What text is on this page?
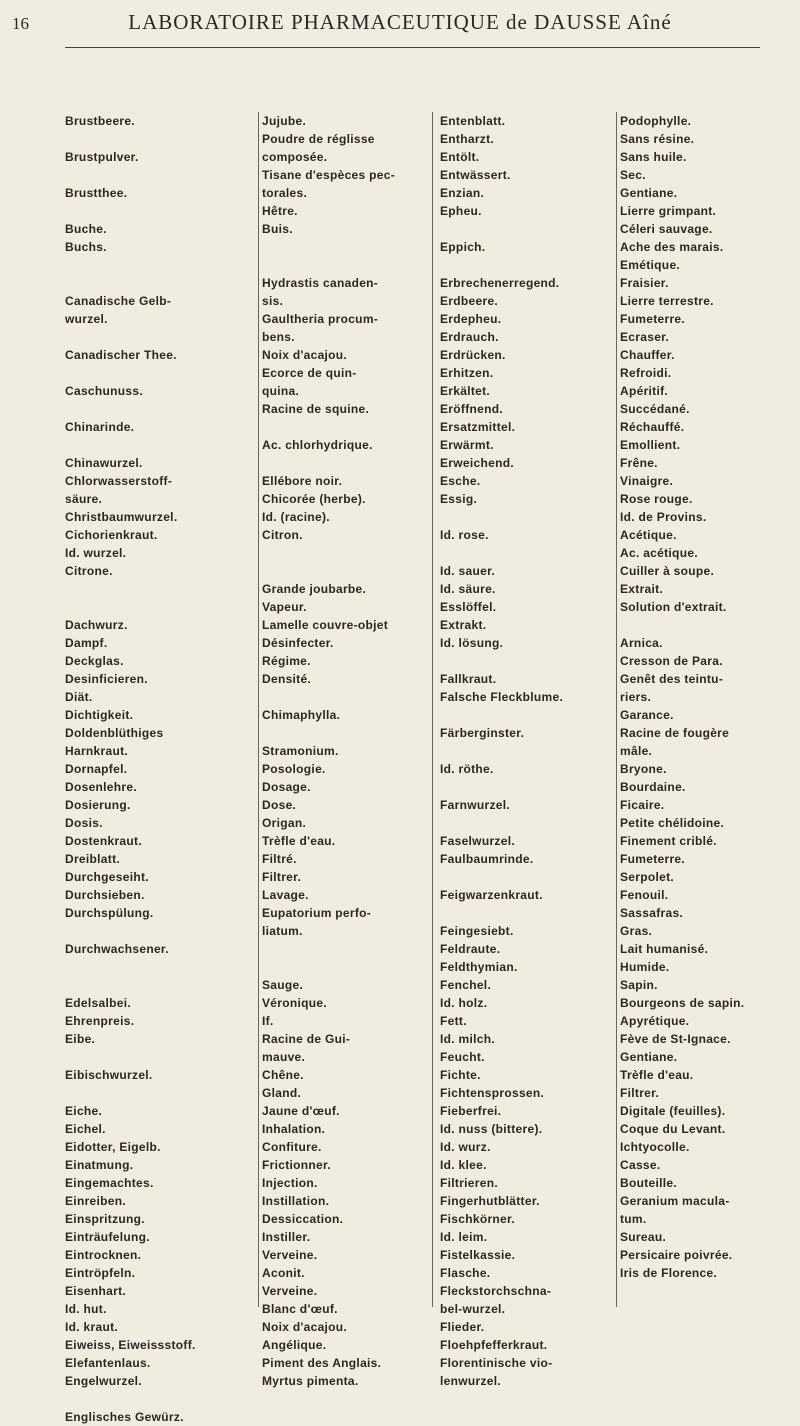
16	LABORATOIRE PHARMACEUTIQUE de DAUSSE Aîné
Brustbeere.

Brustpulver.

Brustthee.

Buche.
Buchs.

Canadische Gelb-
wurzel.

Canadischer Thee.

Caschunuss.

Chinarinde.

Chinawurzel.
Chlorwasserstoff-
säure.
Christbaumwurzel.
Cichorienkraut.
Id. wurzel.
Citrone.

Dachwurz.
Dampf.
Deckglas.
Desinficieren.
Diät.
Dichtigkeit.
Doldenblüthiges
Harnkraut.
Dornapfel.
Dosenlehre.
Dosierung.
Dosis.
Dostenkraut.
Dreiblatt.
Durchgeseiht.
Durchsieben.
Durchspülung.

Durchwachsener.

Edelsalbei.
Ehrenpreis.
Eibe.

Eibischwurzel.

Eiche.
Eichel.
Eidotter, Eigelb.
Einatmung.
Eingemachtes.
Einreiben.
Einspritzung.
Einträufelung.
Eintrocknen.
Eintröpfeln.
Eisenhart.
Id. hut.
Id. kraut.
Eiweiss, Eiweissstoff.
Elefantenlaus.
Engelwurzel.

Englisches Gewürz.
Jujube.
Poudre de réglisse
composée.
Tisane d'espèces pec-
torales.
Hêtre.
Buis.

Hydrastis canaden-
sis.
Gaultheria procum-
bens.
Noix d'acajou.
Ecorce de quin-
quina.
Racine de squine.

Ac. chlorhydrique.

Ellébore noir.
Chicorée (herbe).
Id. (racine).
Citron.

Grande joubarbe.
Vapeur.
Lamelle couvre-objet
Désinfecter.
Régime.
Densité.

Chimaphylla.

Stramonium.
Posologie.
Dosage.
Dose.
Origan.
Trèfle d'eau.
Filtré.
Filtrer.
Lavage.
Eupatorium perfo-
liatum.

Sauge.
Véronique.
If.
Racine de Gui-
mauve.
Chêne.
Gland.
Jaune d'œuf.
Inhalation.
Confiture.
Frictionner.
Injection.
Instillation.
Dessiccation.
Instiller.
Verveine.
Aconit.
Verveine.
Blanc d'œuf.
Noix d'acajou.
Angélique.
Piment des Anglais.
Myrtus pimenta.
Entenblatt.
Entharzt.
Entölt.
Entwässert.
Enzian.
Epheu.

Eppich.

Erbrechenerregend.
Erdbeere.
Erdepheu.
Erdrauch.
Erdrücken.
Erhitzen.
Erkältet.
Eröffnend.
Ersatzmittel.
Erwärmt.
Erweichend.
Esche.
Essig.

Id. rose.

Id. sauer.
Id. säure.
Esslöffel.
Extrakt.
Id. lösung.

Fallkraut.
Falsche Fleckblume.

Färberginster.

Id. röthe.

Farnwurzel.

Faselwurzel.
Faulbaumrinde.

Feigwarzenkraut.

Feingesiebt.
Feldraute.
Feldthymian.
Fenchel.
Id. holz.
Fett.
Id. milch.
Feucht.
Fichte.
Fichtensprossen.
Fieberfrei.
Id. nuss (bittere).
Id. wurz.
Id. klee.
Filtrieren.
Fingerhutblätter.
Fischkörner.
Id. leim.
Fistelkassie.
Flasche.
Fleckstorchschna-
bel-wurzel.
Flieder.
Floehpfefferkraut.
Florentinische vio-
lenwurzel.
Podophylle.
Sans résine.
Sans huile.
Sec.
Gentiane.
Lierre grimpant.
Céleri sauvage.
Ache des marais.
Emétique.
Fraisier.
Lierre terrestre.
Fumeterre.
Ecraser.
Chauffer.
Refroidi.
Apéritif.
Succédané.
Réchauffé.
Emollient.
Frêne.
Vinaigre.
Rose rouge.
Id. de Provins.
Acétique.
Ac. acétique.
Cuiller à soupe.
Extrait.
Solution d'extrait.

Arnica.
Cresson de Para.
Genêt des teintu-
riers.
Garance.
Racine de fougère
mâle.
Bryone.
Bourdaine.
Ficaire.
Petite chélidoine.
Finement criblé.
Fumeterre.
Serpolet.
Fenouil.
Sassafras.
Gras.
Lait humanisé.
Humide.
Sapin.
Bourgeons de sapin.
Apyrétique.
Fève de St-Ignace.
Gentiane.
Trèfle d'eau.
Filtrer.
Digitale (feuilles).
Coque du Levant.
Ichtyocolle.
Casse.
Bouteille.
Geranium macula-
tum.
Sureau.
Persicaire poivrée.
Iris de Florence.
